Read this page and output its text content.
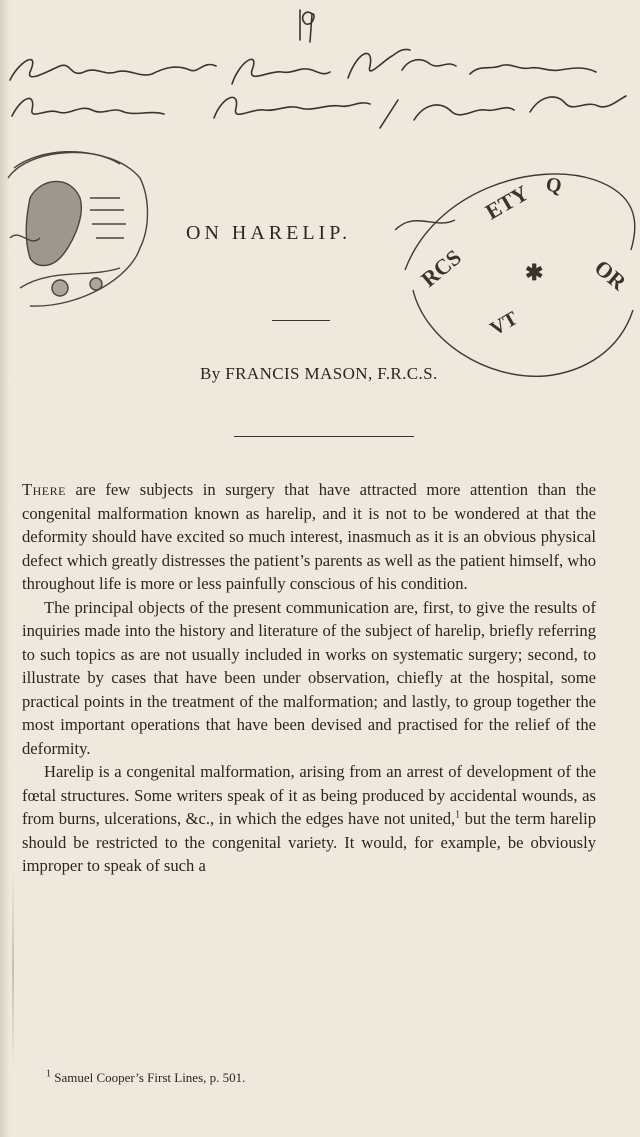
RCS
ETY Q
OR
✱
VT
ON HARELIP.
By FRANCIS MASON, F.R.C.S.

There are few subjects in surgery that have attracted more attention than the congenital malformation known as harelip, and it is not to be wondered at that the deformity should have excited so much interest, inasmuch as it is an obvious physical defect which greatly distresses the patient’s parents as well as the patient himself, who throughout life is more or less painfully conscious of his condition.

The principal objects of the present communication are, first, to give the results of inquiries made into the history and literature of the subject of harelip, briefly referring to such topics as are not usually included in works on systematic surgery; second, to illustrate by cases that have been under observation, chiefly at the hospital, some practical points in the treatment of the malformation; and lastly, to group together the most important operations that have been devised and practised for the relief of the deformity.

Harelip is a congenital malformation, arising from an arrest of development of the fœtal structures. Some writers speak of it as being produced by accidental wounds, as from burns, ulcerations, &c., in which the edges have not united,$^1$ but the term harelip should be restricted to the congenital variety. It would, for example, be obviously improper to speak of such a

$^1$ Samuel Cooper’s First Lines, p. 501.
